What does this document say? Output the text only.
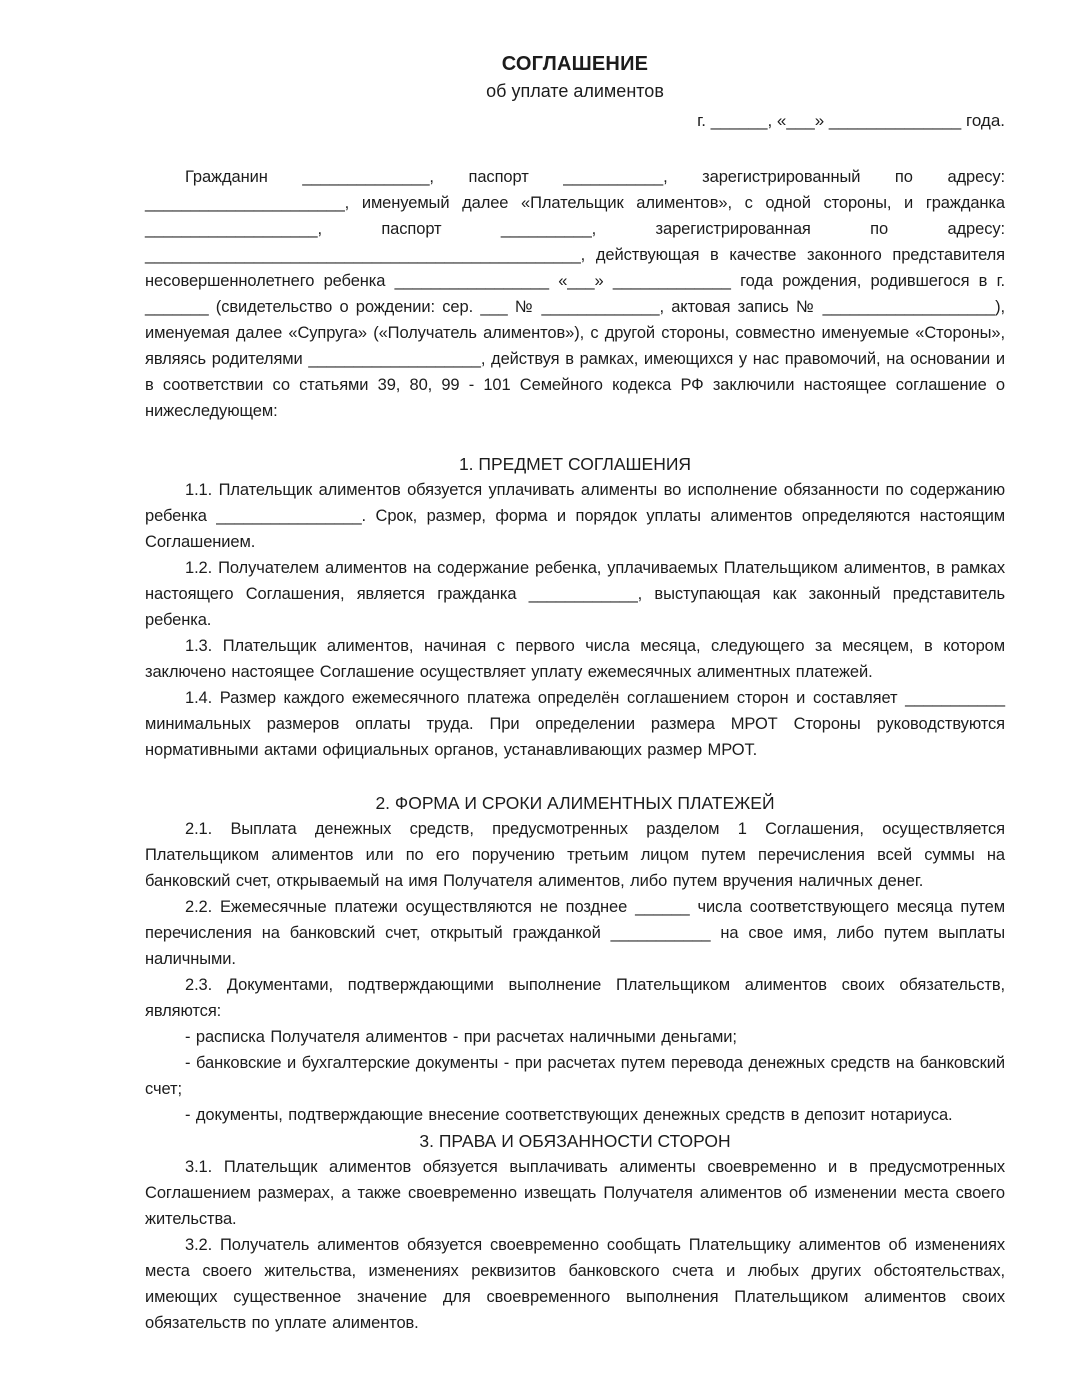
СОГЛАШЕНИЕ
об уплате алиментов
г. ______, «___» ______________ года.

Гражданин ______________, паспорт ___________, зарегистрированный по адресу: ______________________, именуемый далее «Плательщик алиментов», с одной стороны, и гражданка ___________________, паспорт __________, зарегистрированная по адресу: ________________________________________________, действующая в качестве законного представителя несовершеннолетнего ребенка _________________ «___» _____________ года рождения, родившегося в г. _______ (свидетельство о рождении: сер. ___ № _____________, актовая запись № ___________________), именуемая далее «Супруга» («Получатель алиментов»), с другой стороны, совместно именуемые «Стороны», являясь родителями ___________________, действуя в рамках, имеющихся у нас правомочий, на основании и в соответствии со статьями 39, 80, 99 - 101 Семейного кодекса РФ заключили настоящее соглашение о нижеследующем:

1. ПРЕДМЕТ СОГЛАШЕНИЯ

1.1. Плательщик алиментов обязуется уплачивать алименты во исполнение обязанности по содержанию ребенка ________________. Срок, размер, форма и порядок уплаты алиментов определяются настоящим Соглашением.

1.2. Получателем алиментов на содержание ребенка, уплачиваемых Плательщиком алиментов, в рамках настоящего Соглашения, является гражданка ____________, выступающая как законный представитель ребенка.

1.3. Плательщик алиментов, начиная с первого числа месяца, следующего за месяцем, в котором заключено настоящее Соглашение осуществляет уплату ежемесячных алиментных платежей.

1.4. Размер каждого ежемесячного платежа определён соглашением сторон и составляет ___________ минимальных размеров оплаты труда. При определении размера МРОТ Стороны руководствуются нормативными актами официальных органов, устанавливающих размер МРОТ.

2. ФОРМА И СРОКИ АЛИМЕНТНЫХ ПЛАТЕЖЕЙ

2.1. Выплата денежных средств, предусмотренных разделом 1 Соглашения, осуществляется Плательщиком алиментов или по его поручению третьим лицом путем перечисления всей суммы на банковский счет, открываемый на имя Получателя алиментов, либо путем вручения наличных денег.

2.2. Ежемесячные платежи осуществляются не позднее ______ числа соответствующего месяца путем перечисления на банковский счет, открытый гражданкой ___________ на свое имя, либо путем выплаты наличными.

2.3. Документами, подтверждающими выполнение Плательщиком алиментов своих обязательств, являются:

- расписка Получателя алиментов - при расчетах наличными деньгами;

- банковские и бухгалтерские документы - при расчетах путем перевода денежных средств на банковский счет;

- документы, подтверждающие внесение соответствующих денежных средств в депозит нотариуса.

3. ПРАВА И ОБЯЗАННОСТИ СТОРОН

3.1. Плательщик алиментов обязуется выплачивать алименты своевременно и в предусмотренных Соглашением размерах, а также своевременно извещать Получателя алиментов об изменении места своего жительства.

3.2. Получатель алиментов обязуется своевременно сообщать Плательщику алиментов об изменениях места своего жительства, изменениях реквизитов банковского счета и любых других обстоятельствах, имеющих существенное значение для своевременного выполнения Плательщиком алиментов своих обязательств по уплате алиментов.
